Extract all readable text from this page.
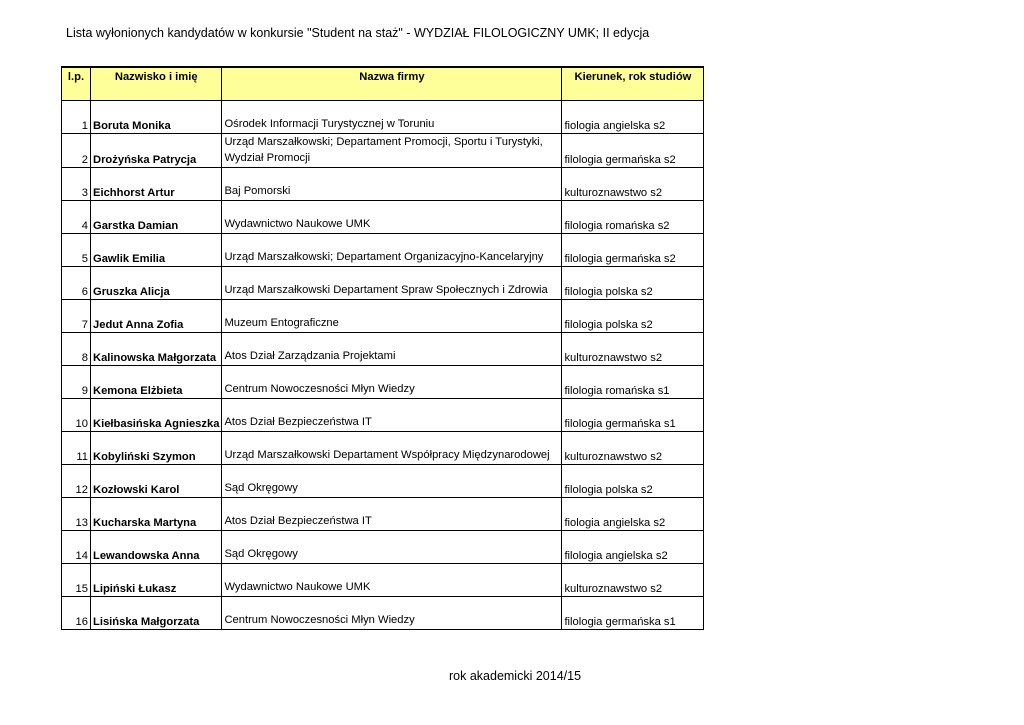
Lista wyłonionych kandydatów w konkursie "Student na staż" - WYDZIAŁ FILOLOGICZNY UMK; II edycja
l.p.	Nazwisko i imię	Nazwa firmy	Kierunek, rok studiów
1	Boruta Monika	Ośrodek Informacji Turystycznej w Toruniu	fiologia angielska s2
2	Drożyńska Patrycja	Urząd Marszałkowski; Departament Promocji, Sportu i Turystyki, Wydział Promocji	filologia germańska s2
3	Eichhorst Artur	Baj Pomorski	kulturoznawstwo s2
4	Garstka Damian	Wydawnictwo Naukowe UMK	filologia romańska s2
5	Gawlik Emilia	Urząd Marszałkowski; Departament Organizacyjno-Kancelaryjny	filologia germańska s2
6	Gruszka Alicja	Urząd Marszałkowski Departament Spraw Społecznych i Zdrowia	filologia polska s2
7	Jedut Anna Zofia	Muzeum Entograficzne	filologia polska s2
8	Kalinowska Małgorzata	Atos Dział Zarządzania Projektami	kulturoznawstwo s2
9	Kemona Elżbieta	Centrum Nowoczesności Młyn Wiedzy	filologia romańska s1
10	Kiełbasińska Agnieszka	Atos Dział Bezpieczeństwa IT	filologia germańska s1
11	Kobyliński Szymon	Urząd Marszałkowski Departament Współpracy Międzynarodowej	kulturoznawstwo s2
12	Kozłowski Karol	Sąd Okręgowy	filologia polska s2
13	Kucharska Martyna	Atos Dział Bezpieczeństwa IT	fiologia angielska s2
14	Lewandowska Anna	Sąd Okręgowy	filologia angielska s2
15	Lipiński Łukasz	Wydawnictwo Naukowe UMK	kulturoznawstwo s2
16	Lisińska Małgorzata	Centrum Nowoczesności Młyn Wiedzy	filologia germańska s1
rok akademicki 2014/15
